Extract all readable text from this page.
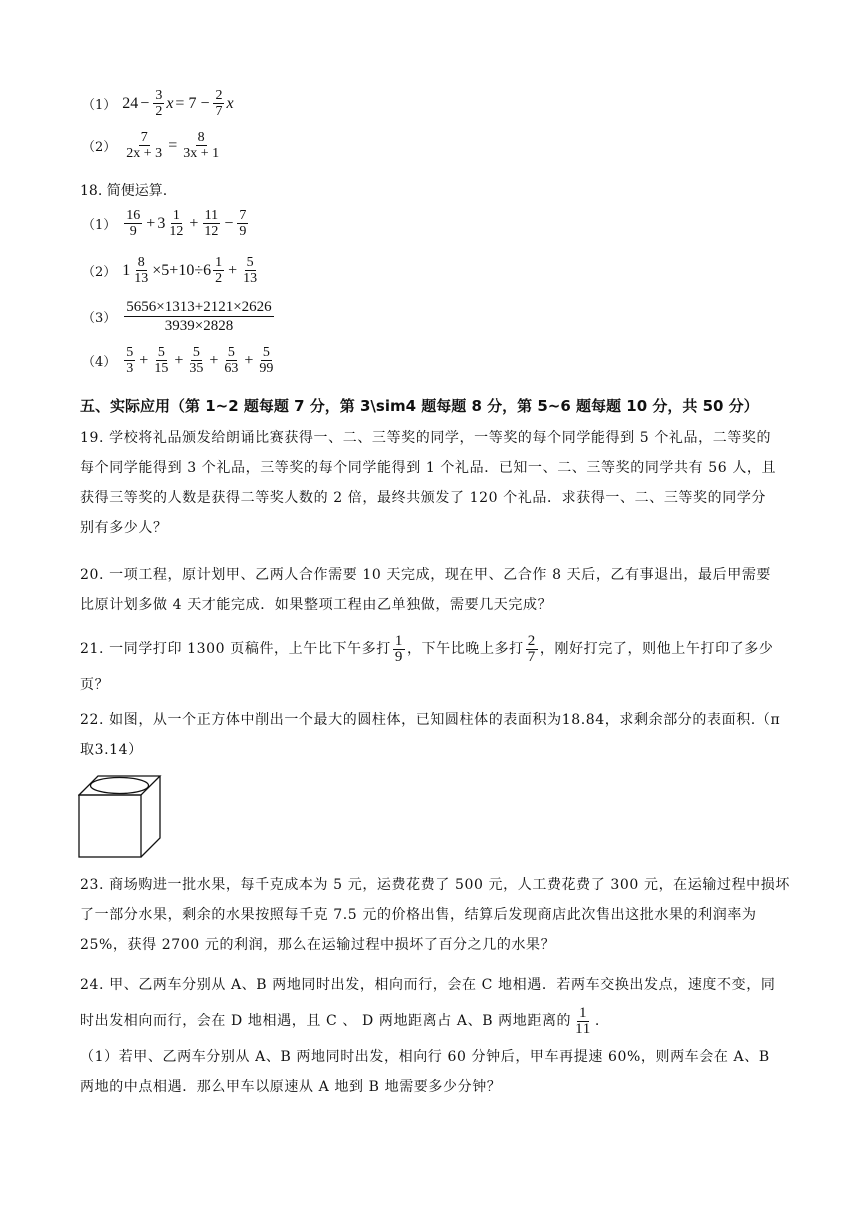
（1） $24 - \frac{3}{2}$ $x = 7 - \frac{2}{7}$ x
$(2) \frac{7}{2x + 3} = \frac{8}{3x + 1}$
18. 简便运算.
（1）
16
9 + 3 1
$12 + \frac{11}{12} - \frac{7}{9}$
（2） $1 \frac{8}{13} \times 5+10\div 6$ 1
$2 + \frac{5}{13}$
（3）
5656×1313+2121×2626
3939×2828
（4）
5
$3 + \frac{5}{15} + \frac{5}{35} + \frac{5}{63} + \frac{5}{99}$
五、实际应用（第 1~2 题每题 7 分，第 3\sim4 题每题 8 分，第 5~6 题每题 10 分，共 50 分）
19. 学校将礼品颁发给朗诵比赛获得一、二、三等奖的同学，一等奖的每个同学能得到 5 个礼品，二等奖的
每个同学能得到 3 个礼品，三等奖的每个同学能得到 1 个礼品．已知一、二、三等奖的同学共有 56 人，且
获得三等奖的人数是获得二等奖人数的 2 倍，最终共颁发了 120 个礼品．求获得一、二、三等奖的同学分
别有多少人？
20. 一项工程，原计划甲、乙两人合作需要 10 天完成，现在甲、乙合作 8 天后，乙有事退出，最后甲需要
比原计划多做 4 天才能完成．如果整项工程由乙单独做，需要几天完成？
21. 一同学打印 1300 页稿件，上午比下午多打
1
9 ，下午比晚上多打
2
7 ，刚好打完了，则他上午打印了多少
页？
22. 如图，从一个正方体中削出一个最大的圆柱体，已知圆柱体的表面积为18.84，求剩余部分的表面积.（π
取3.14）
23. 商场购进一批水果，每千克成本为 5 元，运费花费了 500 元，人工费花费了 300 元，在运输过程中损坏
了一部分水果，剩余的水果按照每千克 7.5 元的价格出售，结算后发现商店此次售出这批水果的利润率为
25%，获得 2700 元的利润，那么在运输过程中损坏了百分之几的水果？
24. 甲、乙两车分别从 A、B 两地同时出发，相向而行，会在 C 地相遇．若两车交换出发点，速度不变，同
时出发相向而行，会在 D 地相遇，且 C 、 D 两地距离占 A、B 两地距离的
1
11 .
（1）若甲、乙两车分别从 A、B 两地同时出发，相向行 60 分钟后，甲车再提速 60%，则两车会在 A、B
两地的中点相遇．那么甲车以原速从 A 地到 B 地需要多少分钟？
